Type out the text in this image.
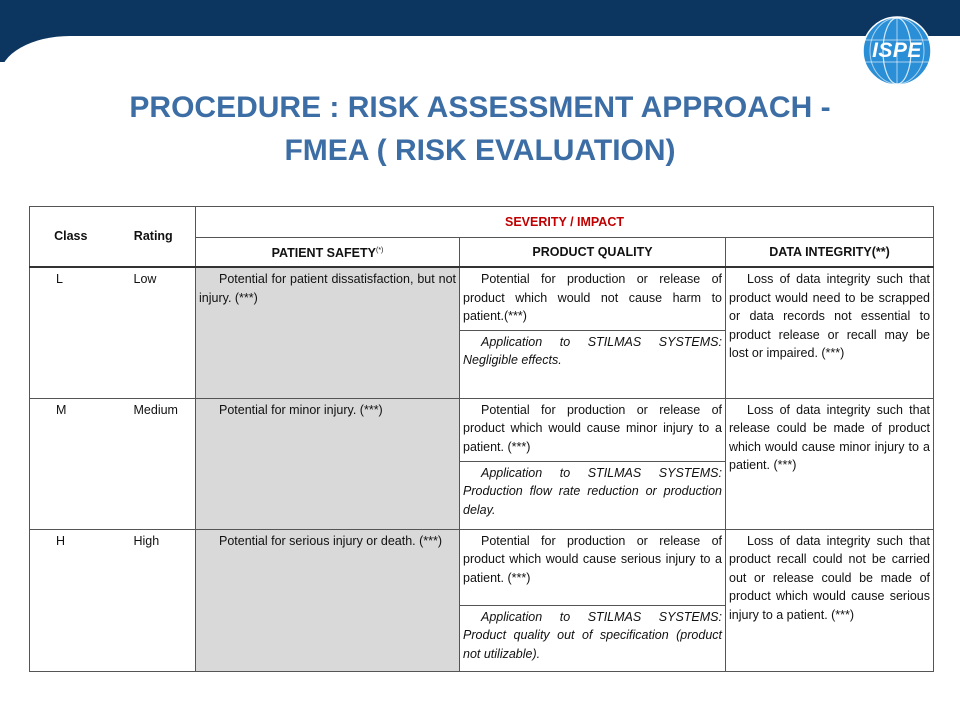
ISPE
PROCEDURE : RISK ASSESSMENT APPROACH -
FMEA ( RISK EVALUATION)
Class	Rating	SEVERITY / IMPACT		
		PATIENT SAFETY(*)	PRODUCT QUALITY	DATA INTEGRITY(**)
L	Low	Potential for patient dissatisfaction, but not injury. (***)	Potential for production or release of product which would not cause harm to patient.(***)	Loss of data integrity such that product would need to be scrapped or data records not essential to product release or recall may be lost or impaired. (***)
			Application to STILMAS SYSTEMS: Negligible effects.	
M	Medium	Potential for minor injury. (***)	Potential for production or release of product which would cause minor injury to a patient. (***)	Loss of data integrity such that release could be made of product which would cause minor injury to a patient. (***)
			Application to STILMAS SYSTEMS: Production flow rate reduction or production delay.	
H	High	Potential for serious injury or death. (***)	Potential for production or release of product which would cause serious injury to a patient. (***)	Loss of data integrity such that product recall could not be carried out or release could be made of product which would cause serious injury to a patient. (***)
			Application to STILMAS SYSTEMS: Product quality out of specification (product not utilizable).	
